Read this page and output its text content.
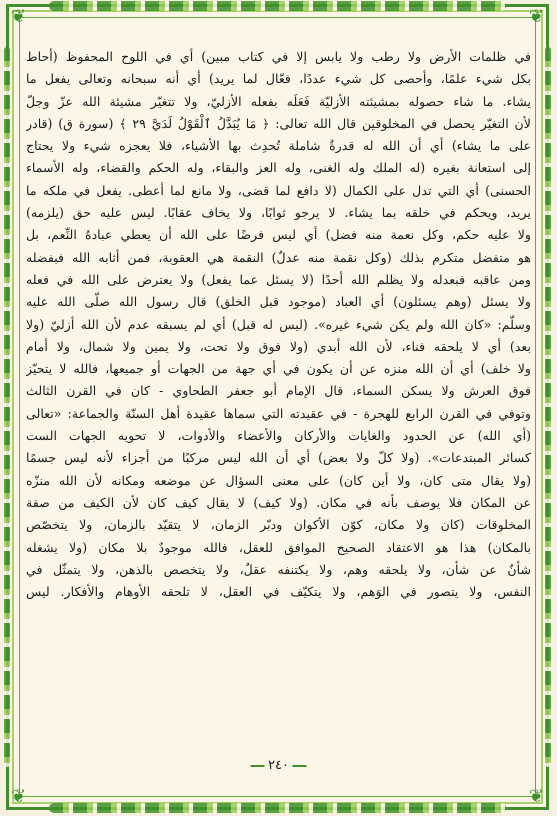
❦	❦
❦	❦
في ظلمات الأرض ولا رطب ولا يابس إلا في كتاب مبين) أي في اللوح المحفوظ (أحاط
بكل شيء علمًا، وأحصى كل شيء عددًا، فعّال لما يريد) أي أنه سبحانه وتعالى يفعل ما
يشاء. ما شاء حصوله بمشيئته الأزليّة فَعَلَه بفعله الأزليّ، ولا تتغيّر مشيئة الله عزّ وجلّ
لأن التغيّر يحصل في المخلوقين قال الله تعالى: ﴿ مَا يُبَدَّلُ ٱلْقَوْلُ لَدَيَّ ٢٩ ﴾ (سورة ق) (قادر
على ما يشاء) أي أن الله له قدرةٌ شاملة تُحدِث بها الأشياء، فلا يعجزه شيء ولا يحتاج
إلى استعانة بغيره (له الملك وله الغنى، وله العز والبقاء، وله الحكم والقضاء، وله الأسماء
الحسنى) أي التي تدل على الكمال (لا دافع لما قضى، ولا مانع لما أعطى. يفعل في ملكه ما
يريد، ويحكم في خلقه بما يشاء. لا يرجو ثوابًا، ولا يخاف عقابًا. ليس عليه حق (يلزمه)
ولا عليه حكم، وكل نعمة منه فضل) أي ليس فرضًا على الله أن يعطي عبادهُ النِّعم، بل
هو متفضل متكرم بذلك (وكل نقمة منه عدلٌ) النقمة هي العقوبة، فمن أثابه الله فبفضله
ومن عاقبه فبعدله ولا يظلم الله أحدًا (لا يسئل عما يفعل) ولا يعترض على الله في فعله
ولا يسئل (وهم يسئلون) أي العباد (موجود قبل الخلق) قال رسول الله صلّى الله عليه
وسلّم: «كان الله ولم يكن شيء غيره». (ليس له قبل) أي لم يسبقه عدم لأن الله أزليّ (ولا
بعد) أي لا يلحقه فناء، لأن الله أبدي (ولا فوق ولا تحت، ولا يمين ولا شمال، ولا أمام
ولا خلف) أي أن الله منزه عن أن يكون في أي جهة من الجهات أو جميعها، فالله لا يتحيّز
فوق العرش ولا يسكن السماء، قال الإمام أبو جعفر الطحاوي - كان في القرن الثالث
وتوفي في القرن الرابع للهجرة - في عقيدته التي سماها عقيدة أهل السنّة والجماعة: «تعالى
(أي الله) عن الحدود والغايات والأركان والأعضاء والأدوات، لا تحويه الجهات الست
كسائر المبتدعات». (ولا كلّ ولا بعض) أي أن الله ليس مركبًا من أجزاء لأنه ليس جسمًا
(ولا يقال متى كان، ولا أين كان) على معنى السؤال عن موضعه ومكانه لأن الله منزّه
عن المكان فلا يوصف بأنه في مكان. (ولا كيف) لا يقال كيف كان لأن الكيف من صفة
المخلوقات (كان ولا مكان، كوّن الأكوان ودبّر الزمان، لا يتقيّد بالزمان، ولا يتخصّص
بالمكان) هذا هو الاعتقاد الصحيح الموافق للعقل، فالله موجودٌ بلا مكان (ولا يشغله
شأنٌ عن شأن، ولا يلحقه وهم، ولا يكتنفه عقلٌ، ولا يتخصص بالذهن، ولا يتمثّل في
النفس، ولا يتصور في الوَهم، ولا يتكيّف في العقل، لا تلحقه الأوهام والأفكار. ليس
٢٤٠
